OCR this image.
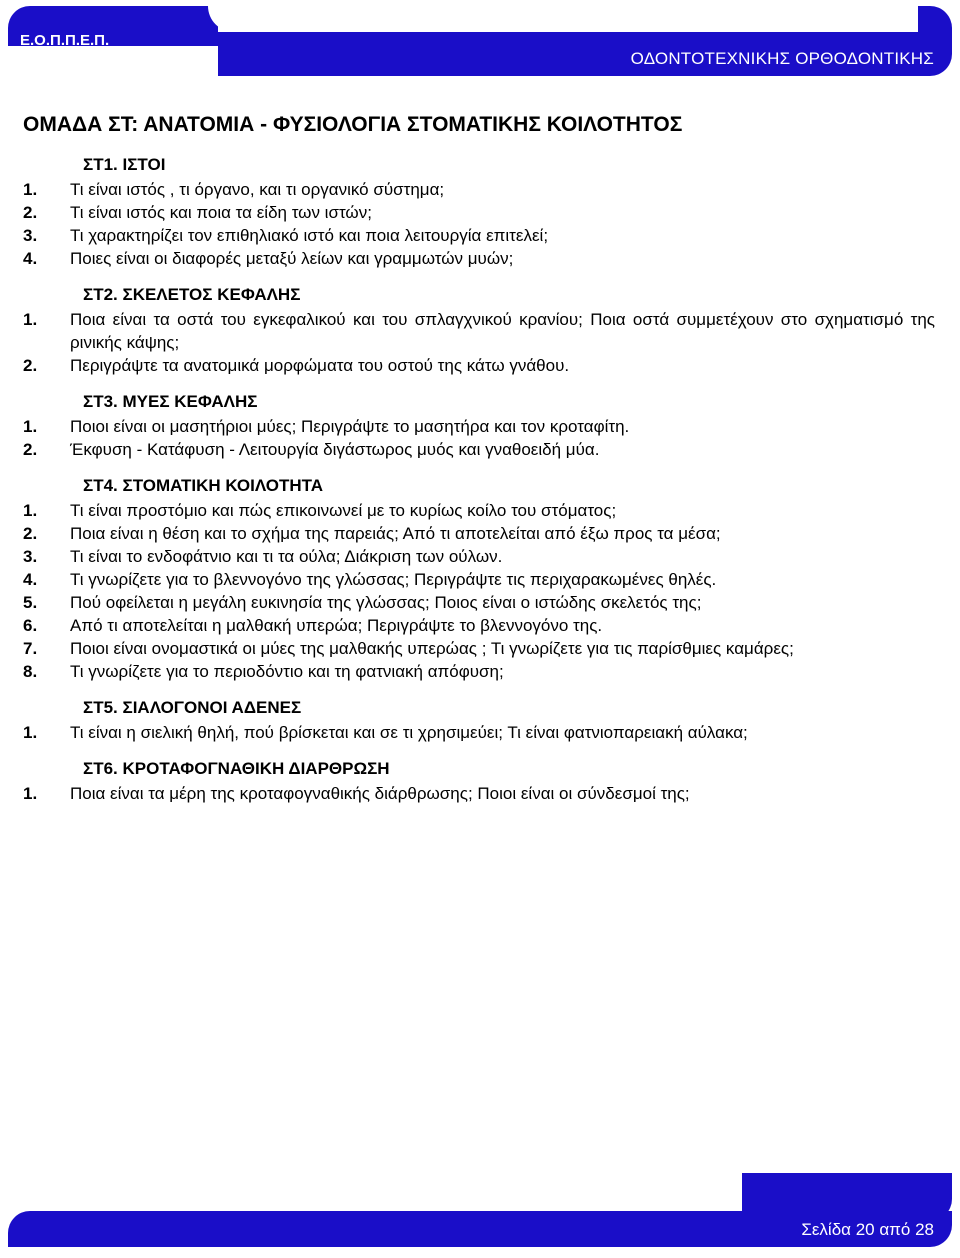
Ε.Ο.Π.Π.Ε.Π.
ΟΔΟΝΤΟΤΕΧΝΙΚΗΣ ΟΡΘΟΔΟΝΤΙΚΗΣ
ΟΜΑΔΑ ΣΤ: ΑΝΑΤΟΜΙΑ - ΦΥΣΙΟΛΟΓΙΑ ΣΤΟΜΑΤΙΚΗΣ ΚΟΙΛΟΤΗΤΟΣ
ΣΤ1. ΙΣΤΟΙ
1.	Τι είναι ιστός , τι όργανο, και τι οργανικό σύστημα;
2.	Τι είναι ιστός και ποια τα είδη των ιστών;
3.	Τι χαρακτηρίζει τον επιθηλιακό ιστό και ποια λειτουργία επιτελεί;
4.	Ποιες είναι οι διαφορές μεταξύ λείων και γραμμωτών μυών;
ΣΤ2. ΣΚΕΛΕΤΟΣ ΚΕΦΑΛΗΣ
1.	Ποια είναι τα οστά του εγκεφαλικού και του σπλαγχνικού κρανίου; Ποια οστά συμμετέχουν στο σχηματισμό της ρινικής κάψης;
2.	Περιγράψτε τα ανατομικά μορφώματα του οστού της κάτω γνάθου.
ΣΤ3. ΜΥΕΣ ΚΕΦΑΛΗΣ
1.	Ποιοι είναι οι μασητήριοι μύες; Περιγράψτε το μασητήρα και τον κροταφίτη.
2.	Έκφυση - Κατάφυση - Λειτουργία διγάστωρος μυός και γναθοειδή μύα.
ΣΤ4. ΣΤΟΜΑΤΙΚΗ ΚΟΙΛΟΤΗΤΑ
1.	Τι είναι προστόμιο και πώς επικοινωνεί με το κυρίως κοίλο του στόματος;
2.	Ποια είναι η θέση και το σχήμα της παρειάς; Από τι αποτελείται από έξω προς τα μέσα;
3.	Τι είναι το ενδοφάτνιο και τι τα ούλα; Διάκριση των ούλων.
4.	Τι γνωρίζετε για το βλεννογόνο της γλώσσας; Περιγράψτε τις περιχαρακωμένες θηλές.
5.	Πού οφείλεται η μεγάλη ευκινησία της γλώσσας; Ποιος είναι ο ιστώδης σκελετός της;
6.	Από τι αποτελείται η μαλθακή υπερώα; Περιγράψτε το βλεννογόνο της.
7.	Ποιοι είναι ονομαστικά οι μύες της μαλθακής υπερώας ; Τι γνωρίζετε για τις παρίσθμιες καμάρες;
8.	Τι γνωρίζετε για το περιοδόντιο και τη φατνιακή απόφυση;
ΣΤ5. ΣΙΑΛΟΓΟΝΟΙ ΑΔΕΝΕΣ
1.	Τι είναι η σιελική θηλή, πού βρίσκεται και σε τι χρησιμεύει; Τι είναι φατνιοπαρειακή αύλακα;
ΣΤ6. ΚΡΟΤΑΦΟΓΝΑΘΙΚΗ ΔΙΑΡΘΡΩΣΗ
1.	Ποια είναι τα μέρη της κροταφογναθικής διάρθρωσης; Ποιοι είναι οι σύνδεσμοί της;
Σελίδα 20 από 28
